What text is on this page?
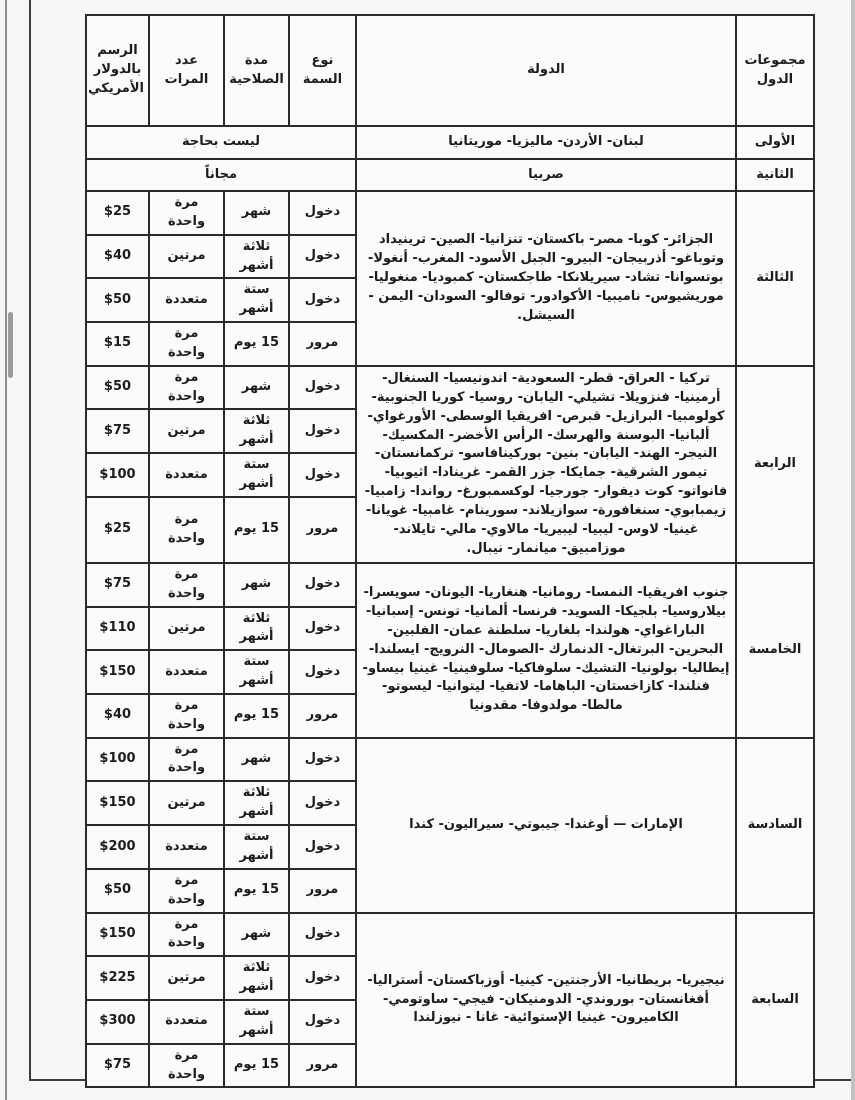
مجموعات الدول	الدولة	نوع السمة	مدة الصلاحية	عدد المرات	الرسم بالدولار الأمريكي
الأولى	لبنان- الأردن- ماليزيا- موريتانيا	ليست بحاجة			
الثانية	صربيا	مجاناً			
الثالثة	الجزائر- كوبا- مصر- باكستان- تنزانيا- الصين- ترينيداد وتوباغو- أذربيجان- البيرو- الجبل الأسود- المغرب- أنغولا- بوتسوانا- تشاد- سيريلانكا- طاجكستان- كمبوديا- منغوليا- موريشيوس- ناميبيا- الأكوادور- توفالو- السودان- اليمن - السيشل.	دخول	شهر	مرة واحدة	$25
		دخول	ثلاثة أشهر	مرتين	$40
		دخول	ستة أشهر	متعددة	$50
		مرور	15 يوم	مرة واحدة	$15
الرابعة	تركيا - العراق- قطر- السعودية- اندونيسيا- السنغال- أرمينيا- فنزويلا- تشيلي- اليابان- روسيا- كوريا الجنوبية- كولومبيا- البرازيل- قبرص- افريقيا الوسطى- الأورغواي- ألبانيا- البوسنة والهرسك- الرأس الأخضر- المكسيك- النيجر- الهند- اليابان- بنين- بوركينافاسو- تركمانستان- تيمور الشرقية- جمايكا- جزر القمر- غرينادا- اثيوبيا- فانواتو- كوت ديفوار- جورجيا- لوكسمبورغ- رواندا- زامبيا- زيمبابوي- سنغافورة- سوازيلاند- سورينام- غامبيا- غويانا- غينيا- لاوس- ليبيا- ليبيريا- مالاوي- مالي- تايلاند- موزامبيق- ميانمار- نيبال.	دخول	شهر	مرة واحدة	$50
		دخول	ثلاثة أشهر	مرتين	$75
		دخول	ستة أشهر	متعددة	$100
		مرور	15 يوم	مرة واحدة	$25
الخامسة	جنوب افريقيا- النمسا- رومانيا- هنغاريا- اليونان- سويسرا- بيلاروسيا- بلجيكا- السويد- فرنسا- ألمانيا- تونس- إسبانيا- الباراغواي- هولندا- بلغاريا- سلطنة عمان- الفلبين- البحرين- البرتغال- الدنمارك -الصومال- النرويج- ايسلندا- إيطاليا- بولونيا- التشيك- سلوفاكيا- سلوفينيا- غينيا بيساو- فنلندا- كازاخستان- الباهاما- لاتفيا- ليتوانيا- ليسوتو- مالطا- مولدوفا- مقدونيا	دخول	شهر	مرة واحدة	$75
		دخول	ثلاثة أشهر	مرتين	$110
		دخول	ستة أشهر	متعددة	$150
		مرور	15 يوم	مرة واحدة	$40
السادسة	الإمارات — أوغندا- جيبوتي- سيراليون- كندا	دخول	شهر	مرة واحدة	$100
		دخول	ثلاثة أشهر	مرتين	$150
		دخول	ستة أشهر	متعددة	$200
		مرور	15 يوم	مرة واحدة	$50
السابعة	نيجيريا- بريطانيا- الأرجنتين- كينيا- أوزباكستان- أستراليا- أفغانستان- بوروندي- الدومنيكان- فيجي- ساوتومي- الكاميرون- غينيا الإستوائية- غانا - نيوزلندا	دخول	شهر	مرة واحدة	$150
		دخول	ثلاثة أشهر	مرتين	$225
		دخول	ستة أشهر	متعددة	$300
		مرور	15 يوم	مرة واحدة	$75
